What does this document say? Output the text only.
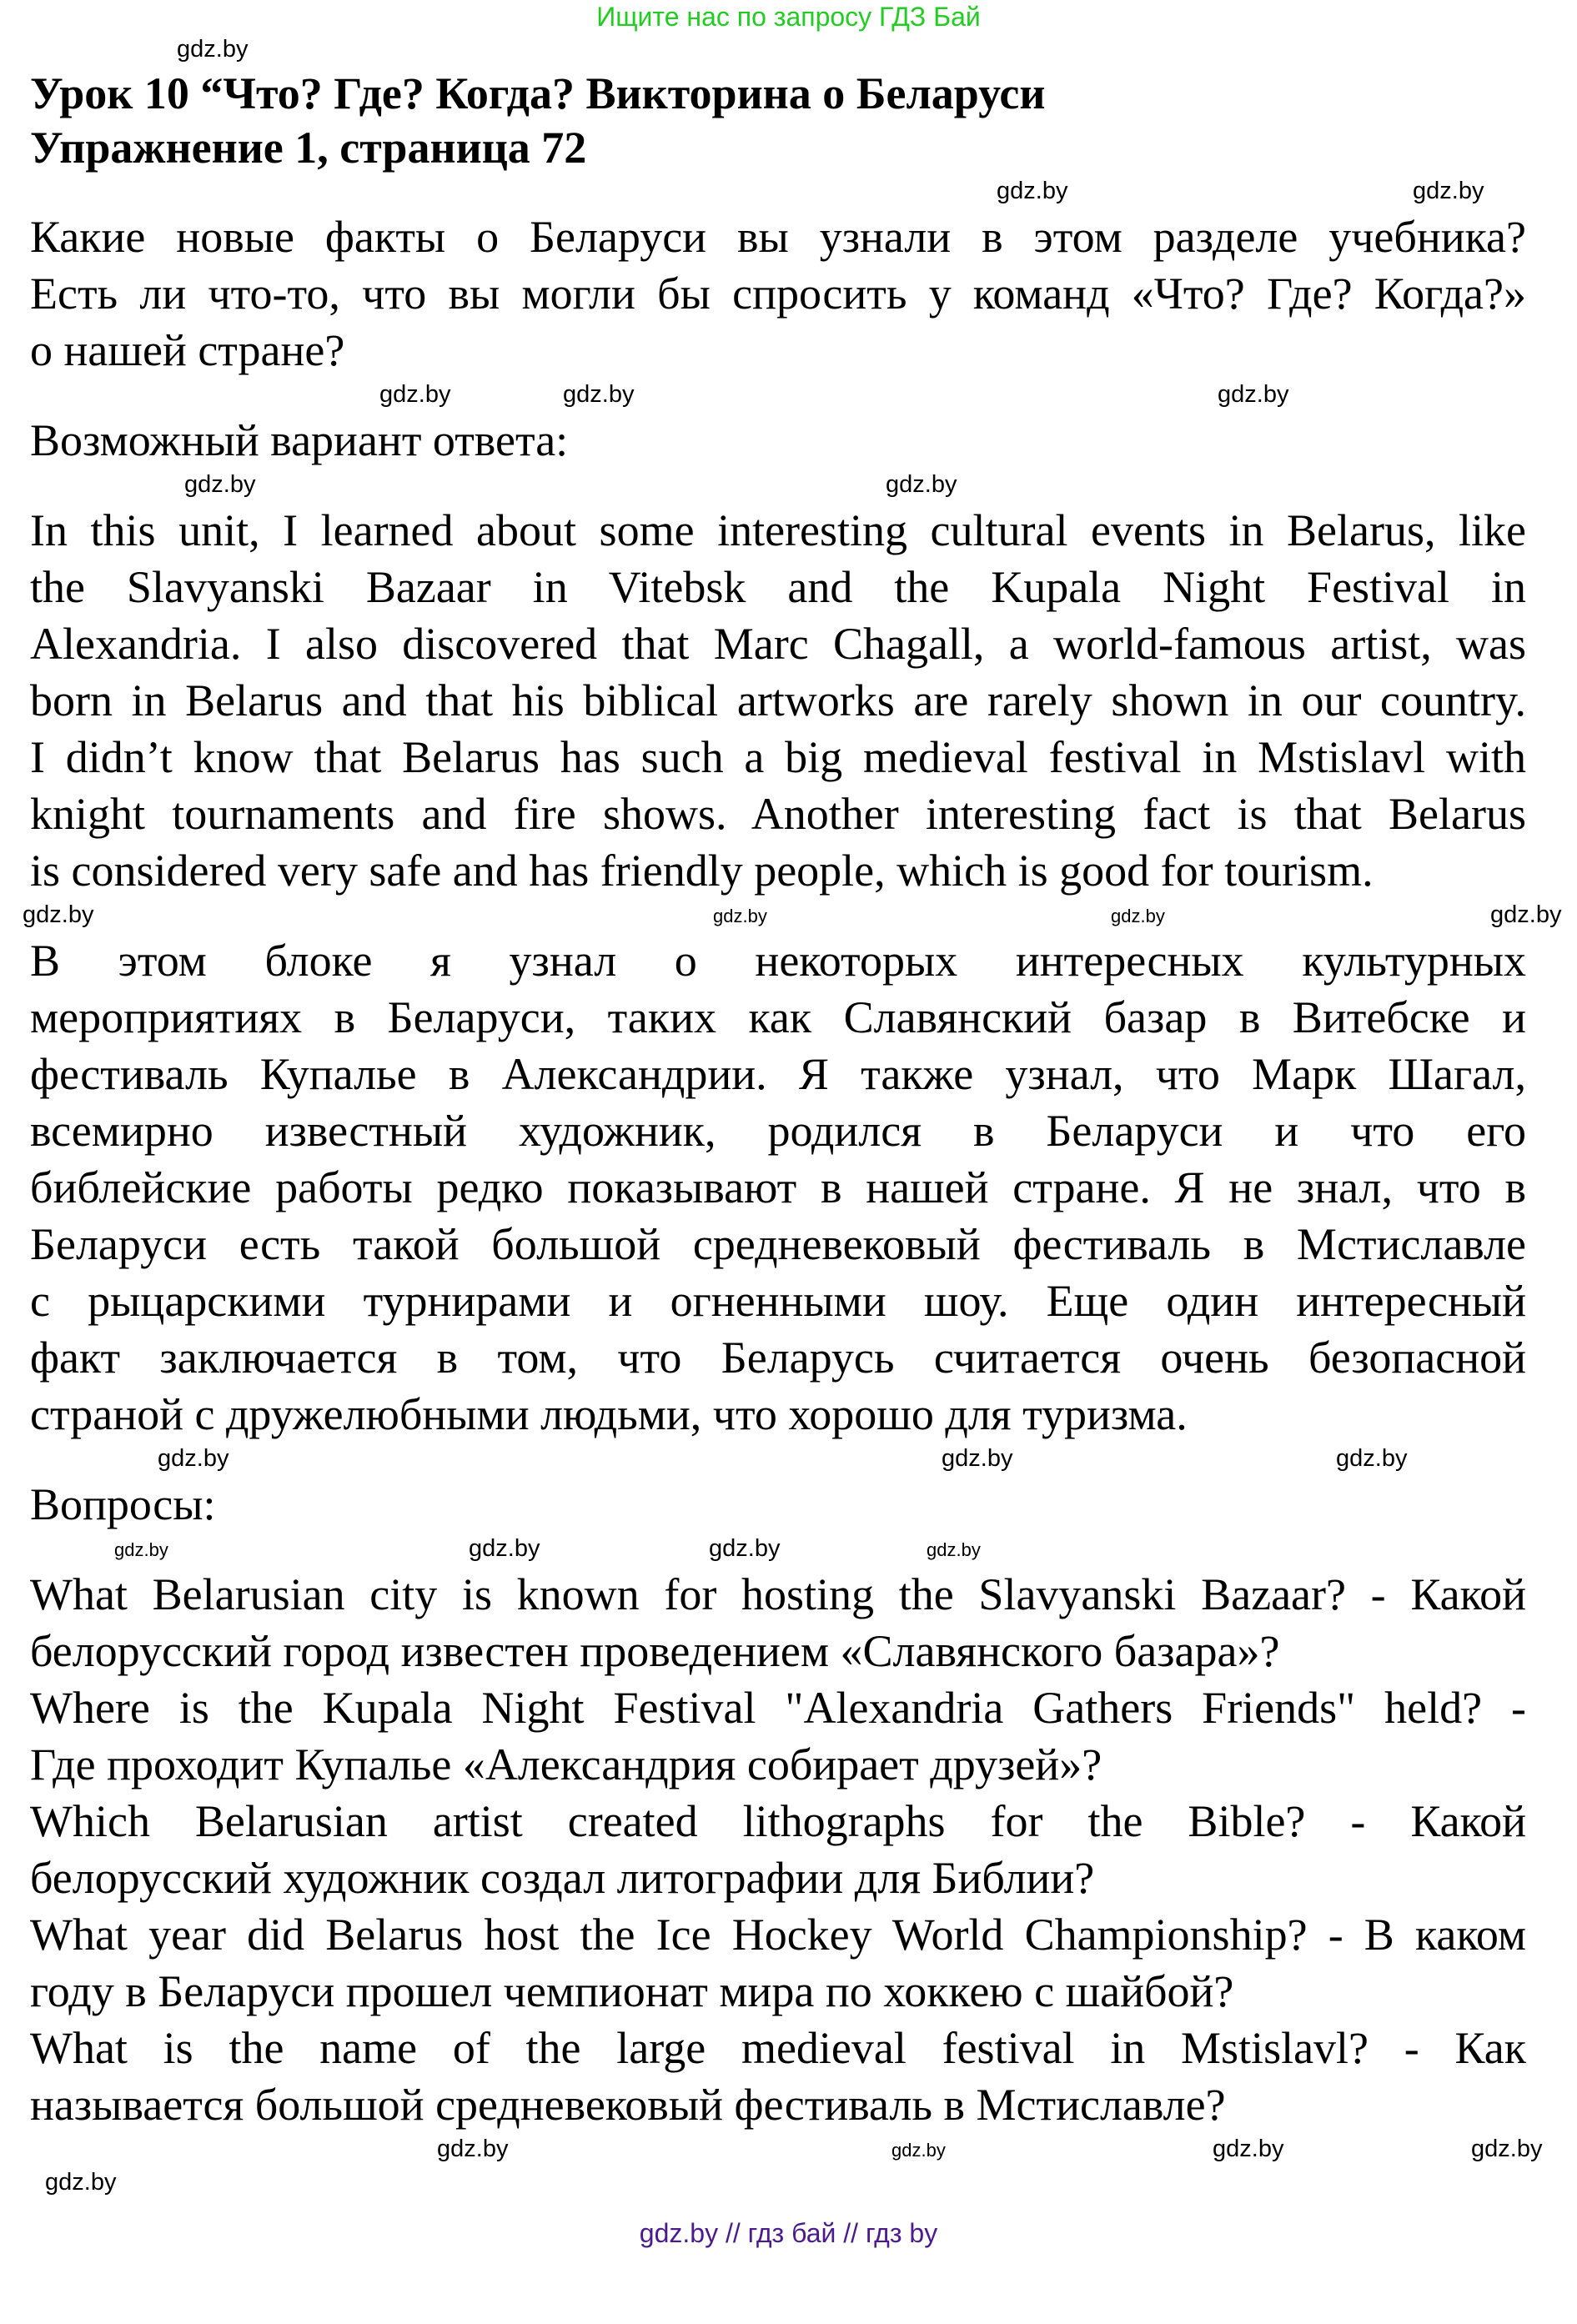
Ищите нас по запросу ГДЗ Бай
gdz.by
Урок 10 “Что? Где? Когда? Викторина о Беларуси
Упражнение 1, страница 72
gdz.by
gdz.by
Какие новые факты о Беларуси вы узнали в этом разделе учебника?
Есть ли что-то, что вы могли бы спросить у команд «Что? Где? Когда?»
о нашей стране?
gdz.by
gdz.by	gdz.by
Возможный вариант ответа:
gdz.by
gdz.by
In this unit, I learned about some interesting cultural events in Belarus, like
the Slavyanski Bazaar in Vitebsk and the Kupala Night Festival in
Alexandria. I also discovered that Marc Chagall, a world-famous artist, was
born in Belarus and that his biblical artworks are rarely shown in our country.
I didn’t know that Belarus has such a big medieval festival in Mstislavl with
knight tournaments and fire shows. Another interesting fact is that Belarus
is considered very safe and has friendly people, which is good for tourism.
gdz.by
gdz.by	gdz.by
gdz.by
В этом блоке я узнал о некоторых интересных культурных
мероприятиях в Беларуси, таких как Славянский базар в Витебске и
фестиваль Купалье в Александрии. Я также узнал, что Марк Шагал,
всемирно известный художник, родился в Беларуси и что его
библейские работы редко показывают в нашей стране. Я не знал, что в
Беларуси есть такой большой средневековый фестиваль в Мстиславле
с рыцарскими турнирами и огненными шоу. Еще один интересный
факт заключается в том, что Беларусь считается очень безопасной
страной с дружелюбными людьми, что хорошо для туризма.
gdz.by
gdz.by
gdz.by
Вопросы:
gdz.by	gdz.by
gdz.by	gdz.by
What Belarusian city is known for hosting the Slavyanski Bazaar? - Какой
белорусский город известен проведением «Славянского базара»?
Where is the Kupala Night Festival "Alexandria Gathers Friends" held? -
Где проходит Купалье «Александрия собирает друзей»?
Which Belarusian artist created lithographs for the Bible? - Какой
белорусский художник создал литографии для Библии?
What year did Belarus host the Ice Hockey World Championship? - В каком
году в Беларуси прошел чемпионат мира по хоккею с шайбой?
What is the name of the large medieval festival in Mstislavl? - Как
называется большой средневековый фестиваль в Мстиславле?
gdz.by
gdz.by	gdz.by
gdz.by
gdz.by
gdz.by // гдз бай // гдз by
